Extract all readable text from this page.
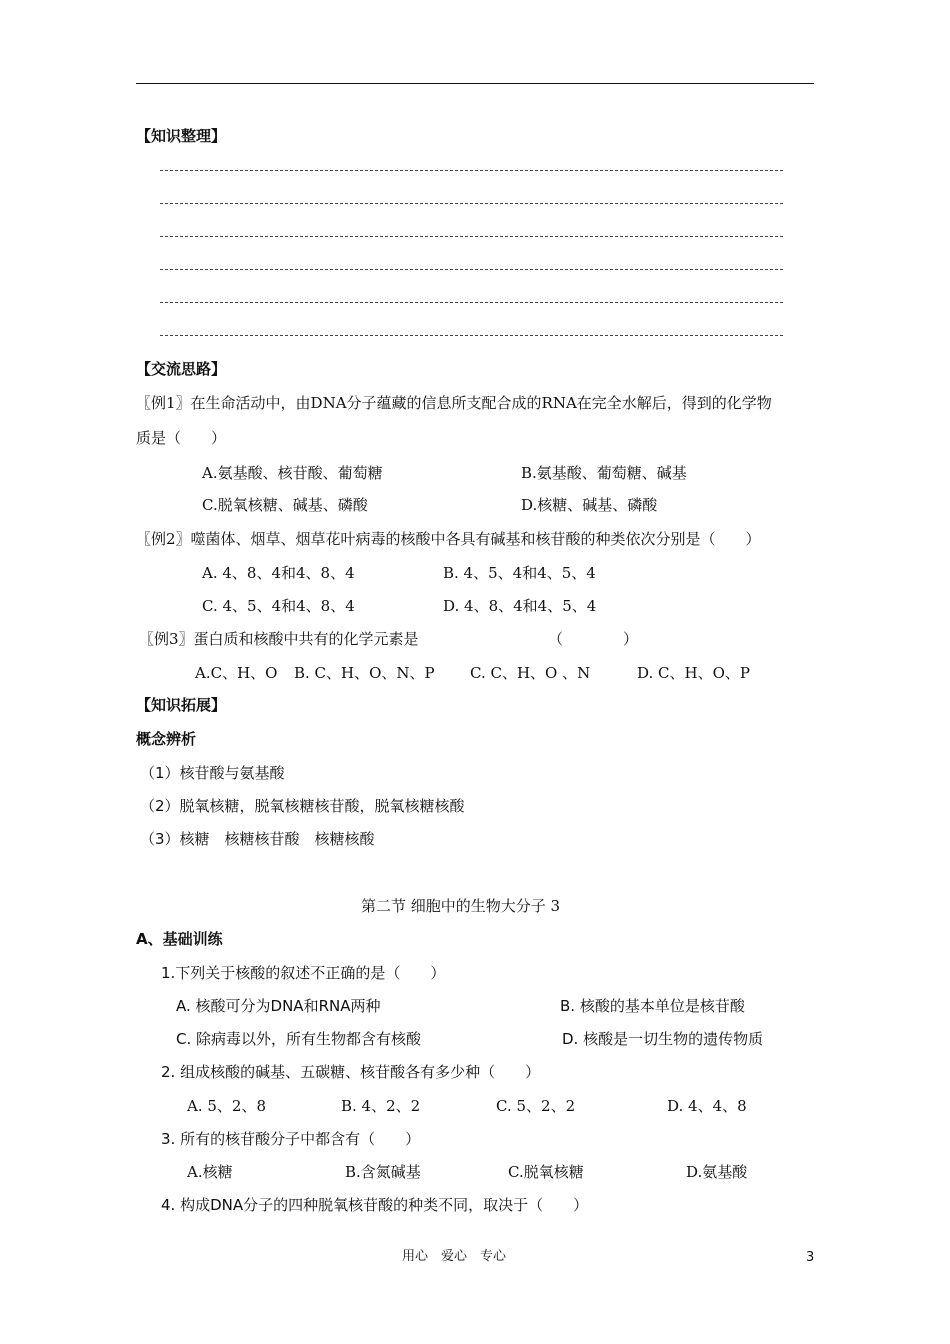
【知识整理】
【交流思路】
〖例1〗在生命活动中，由DNA分子蕴藏的信息所支配合成的RNA在完全水解后，得到的化学物
质是（　　）
A.氨基酸、核苷酸、葡萄糖	B.氨基酸、葡萄糖、碱基
C.脱氧核糖、碱基、磷酸	D.核糖、碱基、磷酸
〖例2〗噬菌体、烟草、烟草花叶病毒的核酸中各具有碱基和核苷酸的种类依次分别是（　　）
A. 4、8、4和4、8、4	B. 4、5、4和4、5、4
C. 4、5、4和4、8、4	D. 4、8、4和4、5、4
〖例3〗蛋白质和核酸中共有的化学元素是	（　　　　）
A.C、H、O B. C、H、O、N、P C. C、H、O 、N	D. C、H、O、P
【知识拓展】
概念辨析
（1）核苷酸与氨基酸
（2）脱氧核糖，脱氧核糖核苷酸，脱氧核糖核酸
（3）核糖　核糖核苷酸　核糖核酸
第二节 细胞中的生物大分子 3
A、基础训练
1.下列关于核酸的叙述不正确的是（　　）
A. 核酸可分为DNA和RNA两种	B. 核酸的基本单位是核苷酸
C. 除病毒以外，所有生物都含有核酸	D. 核酸是一切生物的遗传物质
2. 组成核酸的碱基、五碳糖、核苷酸各有多少种（　　）
A. 5、2、8	B. 4、2、2	C. 5、2、2	D. 4、4、8
3. 所有的核苷酸分子中都含有（　　）
A.核糖	B.含氮碱基	C.脱氧核糖	D.氨基酸
4. 构成DNA分子的四种脱氧核苷酸的种类不同，取决于（　　）
用心　爱心　专心	3
